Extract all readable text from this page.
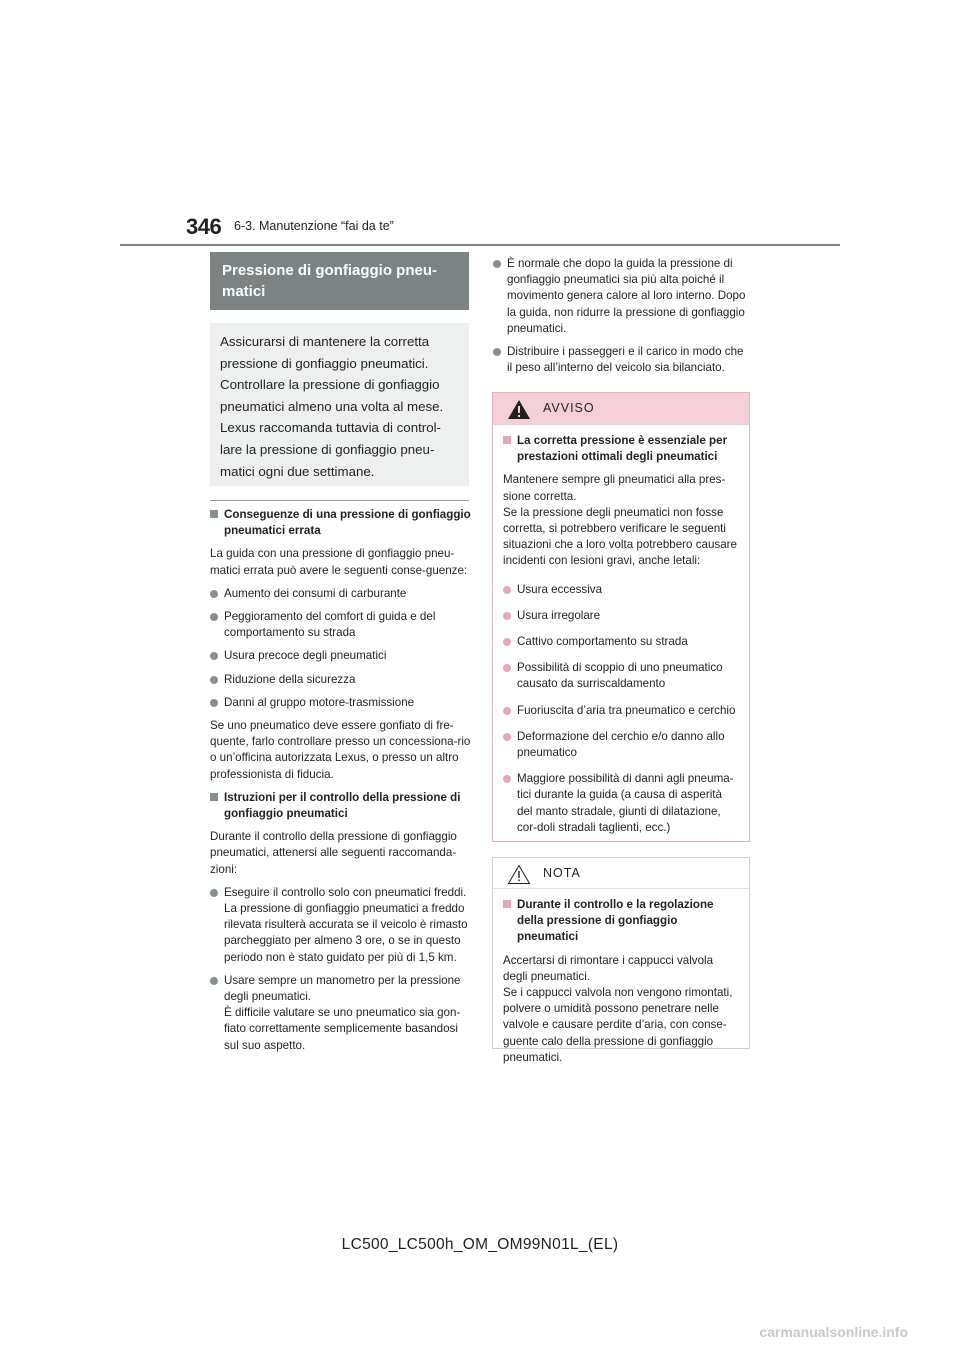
346 6-3. Manutenzione “fai da te”
Pressione di gonfiaggio pneu-
matici
Assicurarsi di mantenere la corretta pressione di gonfiaggio pneumatici. Controllare la pressione di gonfiaggio pneumatici almeno una volta al mese. Lexus raccomanda tuttavia di control-lare la pressione di gonfiaggio pneu-matici ogni due settimane.
Conseguenze di una pressione di gonfiaggio pneumatici errata
La guida con una pressione di gonfiaggio pneu-matici errata può avere le seguenti conse-guenze:
Aumento dei consumi di carburante
Peggioramento del comfort di guida e del comportamento su strada
Usura precoce degli pneumatici
Riduzione della sicurezza
Danni al gruppo motore-trasmissione
Se uno pneumatico deve essere gonfiato di fre-quente, farlo controllare presso un concessiona-rio o un’officina autorizzata Lexus, o presso un altro professionista di fiducia.
Istruzioni per il controllo della pressione di gonfiaggio pneumatici
Durante il controllo della pressione di gonfiaggio pneumatici, attenersi alle seguenti raccomanda-zioni:
Eseguire il controllo solo con pneumatici freddi.
La pressione di gonfiaggio pneumatici a freddo rilevata risulterà accurata se il veicolo è rimasto parcheggiato per almeno 3 ore, o se in questo periodo non è stato guidato per più di 1,5 km.
Usare sempre un manometro per la pressione degli pneumatici.
È difficile valutare se uno pneumatico sia gon-fiato correttamente semplicemente basandosi sul suo aspetto.
È normale che dopo la guida la pressione di gonfiaggio pneumatici sia più alta poiché il movimento genera calore al loro interno. Dopo la guida, non ridurre la pressione di gonfiaggio pneumatici.
Distribuire i passeggeri e il carico in modo che il peso all’interno del veicolo sia bilanciato.
AVVISO
La corretta pressione è essenziale per prestazioni ottimali degli pneumatici
Mantenere sempre gli pneumatici alla pres-sione corretta.
Se la pressione degli pneumatici non fosse corretta, si potrebbero verificare le seguenti situazioni che a loro volta potrebbero causare incidenti con lesioni gravi, anche letali:
Usura eccessiva
Usura irregolare
Cattivo comportamento su strada
Possibilità di scoppio di uno pneumatico causato da surriscaldamento
Fuoriuscita d’aria tra pneumatico e cerchio
Deformazione del cerchio e/o danno allo pneumatico
Maggiore possibilità di danni agli pneuma-tici durante la guida (a causa di asperità del manto stradale, giunti di dilatazione, cor-doli stradali taglienti, ecc.)
NOTA
Durante il controllo e la regolazione della pressione di gonfiaggio pneumatici
Accertarsi di rimontare i cappucci valvola degli pneumatici.
Se i cappucci valvola non vengono rimontati, polvere o umidità possono penetrare nelle valvole e causare perdite d’aria, con conse-guente calo della pressione di gonfiaggio pneumatici.
LC500_LC500h_OM_OM99N01L_(EL)
carmanualsonline.info
